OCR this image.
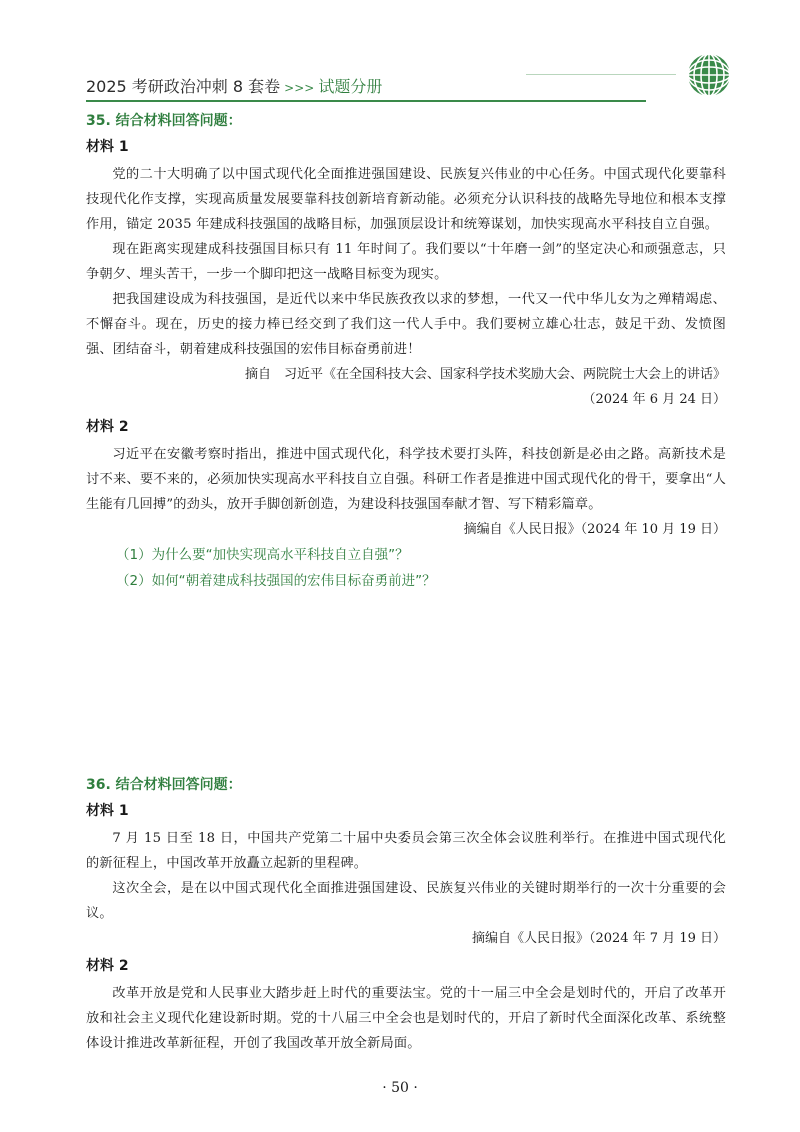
2025 考研政治冲刺 8 套卷 >>> 试题分册
35. 结合材料回答问题：
材料 1

党的二十大明确了以中国式现代化全面推进强国建设、民族复兴伟业的中心任务。中国式现代化要靠科技现代化作支撑，实现高质量发展要靠科技创新培育新动能。必须充分认识科技的战略先导地位和根本支撑作用，锚定 2035 年建成科技强国的战略目标，加强顶层设计和统筹谋划，加快实现高水平科技自立自强。

现在距离实现建成科技强国目标只有 11 年时间了。我们要以“十年磨一剑”的坚定决心和顽强意志，只争朝夕、埋头苦干，一步一个脚印把这一战略目标变为现实。

把我国建设成为科技强国，是近代以来中华民族孜孜以求的梦想，一代又一代中华儿女为之殚精竭虑、不懈奋斗。现在，历史的接力棒已经交到了我们这一代人手中。我们要树立雄心壮志，鼓足干劲、发愤图强、团结奋斗，朝着建成科技强国的宏伟目标奋勇前进！

摘自　习近平《在全国科技大会、国家科学技术奖励大会、两院院士大会上的讲话》

（2024 年 6 月 24 日）

材料 2

习近平在安徽考察时指出，推进中国式现代化，科学技术要打头阵，科技创新是必由之路。高新技术是讨不来、要不来的，必须加快实现高水平科技自立自强。科研工作者是推进中国式现代化的骨干，要拿出“人生能有几回搏”的劲头，放开手脚创新创造，为建设科技强国奉献才智、写下精彩篇章。

摘编自《人民日报》（2024 年 10 月 19 日）

（1）为什么要“加快实现高水平科技自立自强”？

（2）如何“朝着建成科技强国的宏伟目标奋勇前进”？

36. 结合材料回答问题：
材料 1

7 月 15 日至 18 日，中国共产党第二十届中央委员会第三次全体会议胜利举行。在推进中国式现代化的新征程上，中国改革开放矗立起新的里程碑。

这次全会，是在以中国式现代化全面推进强国建设、民族复兴伟业的关键时期举行的一次十分重要的会议。

摘编自《人民日报》（2024 年 7 月 19 日）

材料 2

改革开放是党和人民事业大踏步赶上时代的重要法宝。党的十一届三中全会是划时代的，开启了改革开放和社会主义现代化建设新时期。党的十八届三中全会也是划时代的，开启了新时代全面深化改革、系统整体设计推进改革新征程，开创了我国改革开放全新局面。

· 50 ·
